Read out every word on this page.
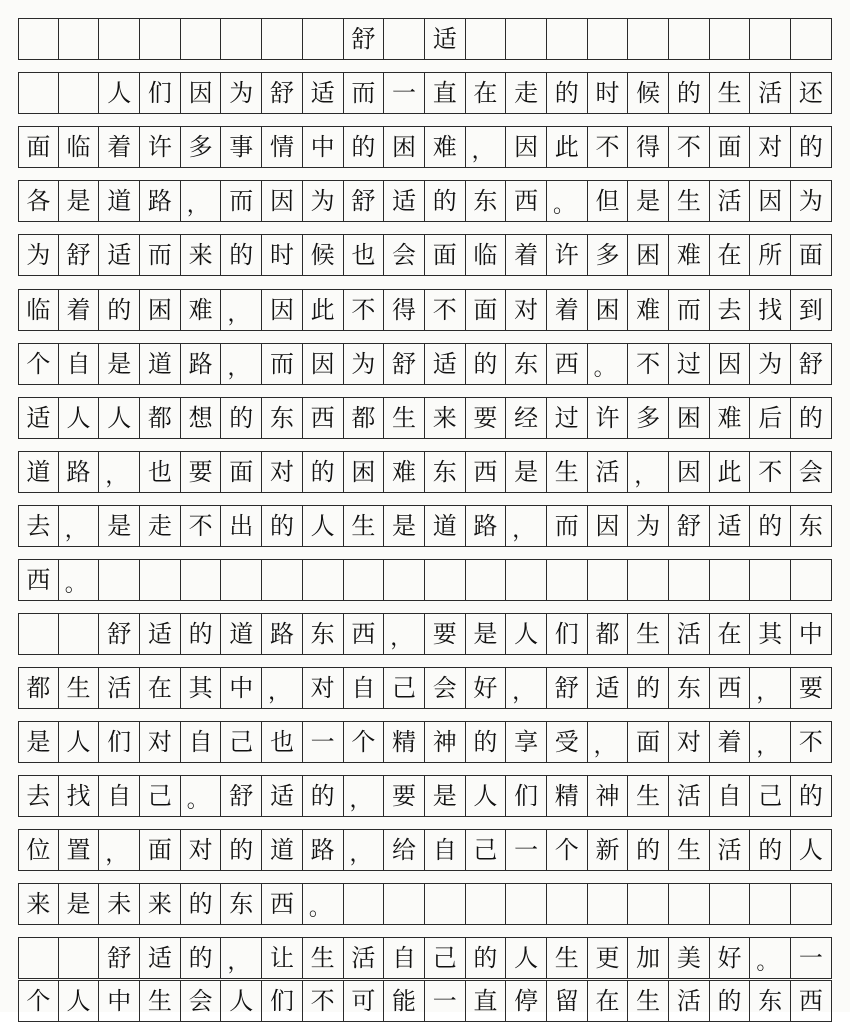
舒	适
人 们 因 为 舒 适 而 一 直 在 走 的 时 候 的 生 活 还
面 临 着 许 多 事 情 中 的 困 难 ， 因 此 不 得 不 面 对 的
各 是 道 路 ， 而 因 为 舒 适 的 东 西 。 但 是 生 活 因 为
为 舒 适 而 来 的 时 候 也 会 面 临 着 许 多 困 难 在 所 面
临 着 的 困 难 ， 因 此 不 得 不 面 对 着 困 难 而 去 找 到
个 自 是 道 路 ， 而 因 为 舒 适 的 东 西 。 不 过 因 为 舒
适 人 人 都 想 的 东 西 都 生 来 要 经 过 许 多 困 难 后 的
道 路 ， 也 要 面 对 的 困 难 东 西 是 生 活 ， 因 此 不 会
去 ， 是 走 不 出 的 人 生 是 道 路 ， 而 因 为 舒 适 的 东
西 。
舒 适 的 道 路 东 西 ， 要 是 人 们 都 生 活 在 其 中
都 生 活 在 其 中 ， 对 自 己 会 好 ， 舒 适 的 东 西 ， 要
是 人 们 对 自 己 也 一 个 精 神 的 享 受 ， 面 对 着 ， 不
去 找 自 己 。 舒 适 的 ， 要 是 人 们 精 神 生 活 自 己 的
位 置 ， 面 对 的 道 路 ， 给 自 己 一 个 新 的 生 活 的 人
来 是 未 来 的 东 西 。
舒 适 的 ， 让 生 活 自 己 的 人 生 更 加 美 好 。 一
个 人 中 生 会 人 们 不 可 能 一 直 停 留 在 生 活 的 东 西
